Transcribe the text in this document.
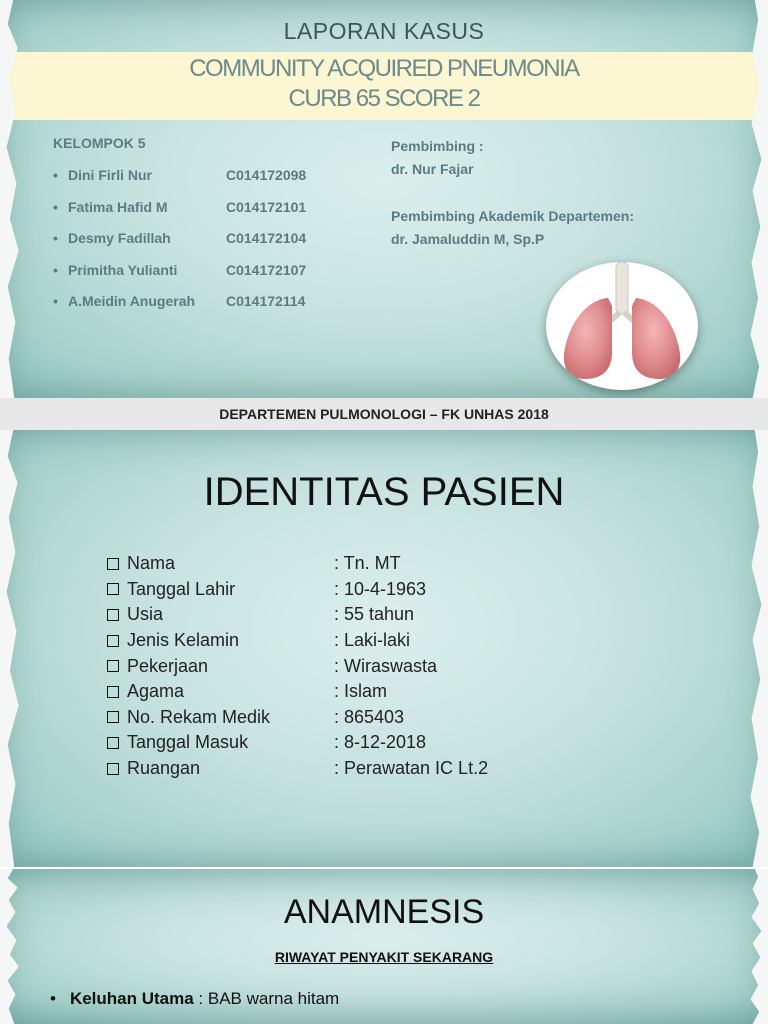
LAPORAN KASUS
COMMUNITY ACQUIRED PNEUMONIA
CURB 65 SCORE 2
KELOMPOK 5
• Dini Firli Nur	C014172098
• Fatima Hafid M	C014172101
• Desmy Fadillah	C014172104
• Primitha Yulianti	C014172107
• A.Meidin Anugerah	C014172114
Pembimbing :
dr. Nur Fajar
Pembimbing Akademik Departemen:
dr. Jamaluddin M, Sp.P
DEPARTEMEN PULMONOLOGI – FK UNHAS 2018
IDENTITAS PASIEN
Nama	: Tn. MT
Tanggal Lahir	: 10-4-1963
Usia	: 55 tahun
Jenis Kelamin	: Laki-laki
Pekerjaan	: Wiraswasta
Agama	: Islam
No. Rekam Medik	: 865403
Tanggal Masuk	: 8-12-2018
Ruangan	: Perawatan IC Lt.2
ANAMNESIS
RIWAYAT PENYAKIT SEKARANG
• Keluhan Utama : BAB warna hitam
